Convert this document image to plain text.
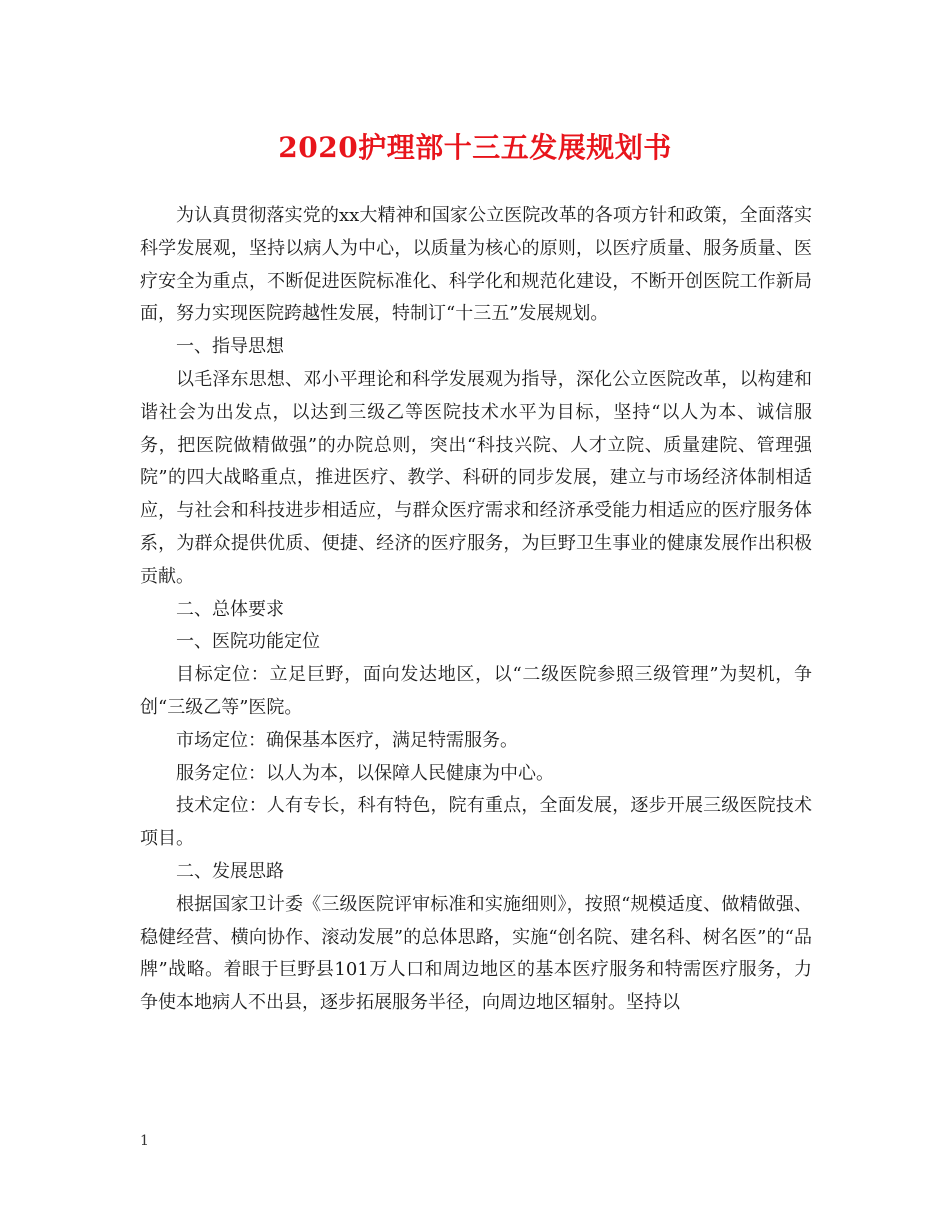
2020护理部十三五发展规划书

为认真贯彻落实党的xx大精神和国家公立医院改革的各项方针和政策，全面落实科学发展观，坚持以病人为中心，以质量为核心的原则，以医疗质量、服务质量、医疗安全为重点，不断促进医院标准化、科学化和规范化建设，不断开创医院工作新局面，努力实现医院跨越性发展，特制订“十三五”发展规划。

一、指导思想

以毛泽东思想、邓小平理论和科学发展观为指导，深化公立医院改革，以构建和谐社会为出发点，以达到三级乙等医院技术水平为目标，坚持“以人为本、诚信服务，把医院做精做强”的办院总则，突出“科技兴院、人才立院、质量建院、管理强院”的四大战略重点，推进医疗、教学、科研的同步发展，建立与市场经济体制相适应，与社会和科技进步相适应，与群众医疗需求和经济承受能力相适应的医疗服务体系，为群众提供优质、便捷、经济的医疗服务，为巨野卫生事业的健康发展作出积极贡献。

二、总体要求

一、医院功能定位

目标定位：立足巨野，面向发达地区，以“二级医院参照三级管理”为契机，争创“三级乙等”医院。

市场定位：确保基本医疗，满足特需服务。

服务定位：以人为本，以保障人民健康为中心。

技术定位：人有专长，科有特色，院有重点，全面发展，逐步开展三级医院技术项目。

二、发展思路

根据国家卫计委《三级医院评审标准和实施细则》，按照“规模适度、做精做强、稳健经营、横向协作、滚动发展”的总体思路，实施“创名院、建名科、树名医”的“品牌”战略。着眼于巨野县101万人口和周边地区的基本医疗服务和特需医疗服务，力争使本地病人不出县，逐步拓展服务半径，向周边地区辐射。坚持以

1
